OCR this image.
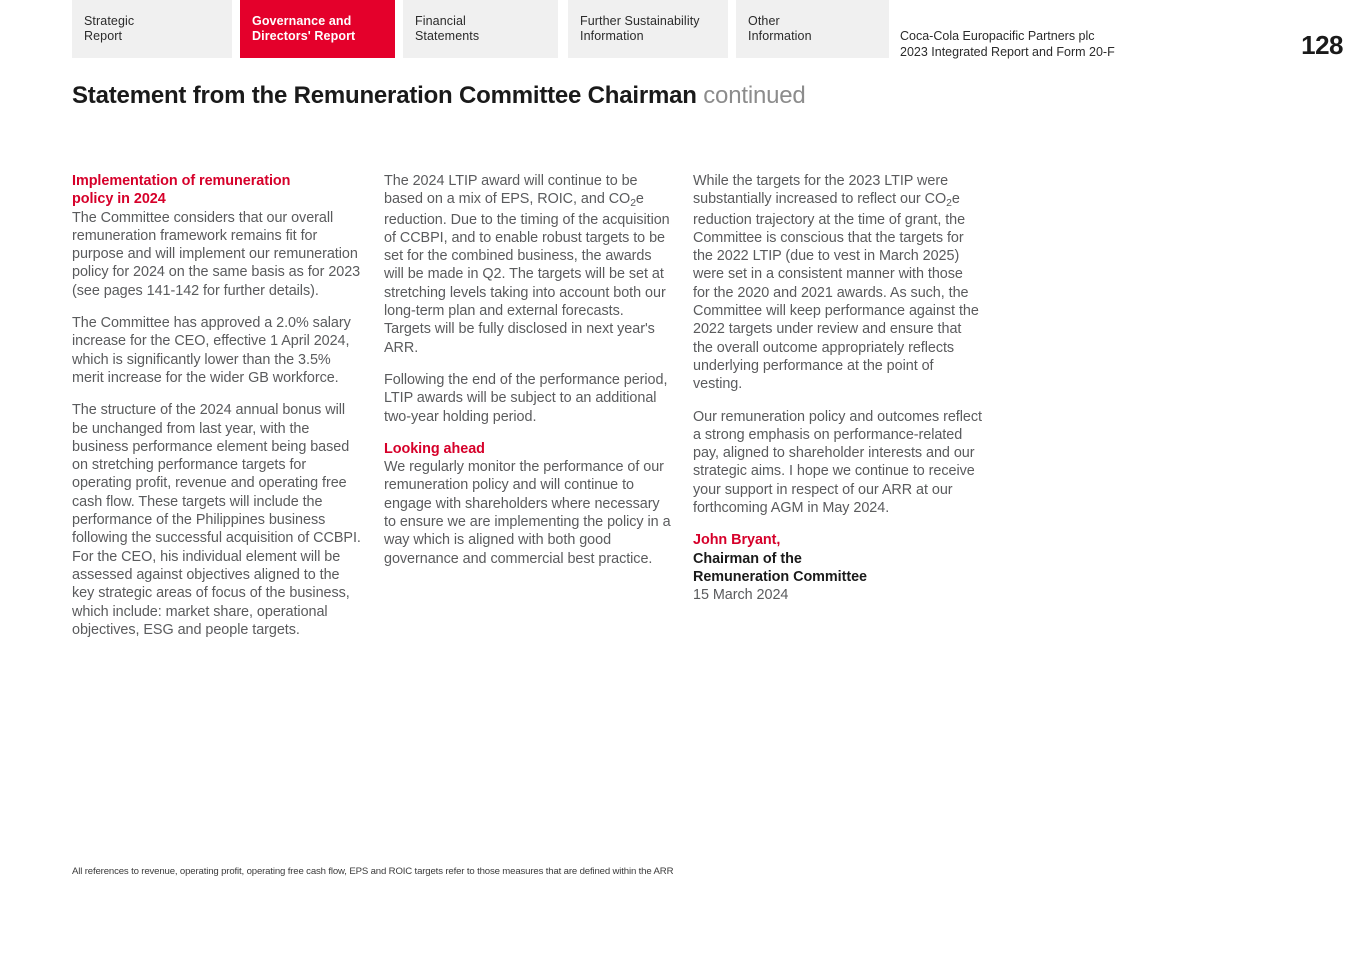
Strategic
Report
Governance and
Directors' Report
Financial
Statements
Further Sustainability
Information
Other
Information	Coca-Cola Europacific Partners plc
2023 Integrated Report and Form 20-F	128
Statement from the Remuneration Committee Chairman continued
Implementation of remuneration
policy in 2024

The Committee considers that our overall remuneration framework remains fit for purpose and will implement our remuneration policy for 2024 on the same basis as for 2023 (see pages 141-142 for further details).

The Committee has approved a 2.0% salary increase for the CEO, effective 1 April 2024, which is significantly lower than the 3.5% merit increase for the wider GB workforce.

The structure of the 2024 annual bonus will be unchanged from last year, with the business performance element being based on stretching performance targets for operating profit, revenue and operating free cash flow. These targets will include the performance of the Philippines business following the successful acquisition of CCBPI. For the CEO, his individual element will be assessed against objectives aligned to the key strategic areas of focus of the business, which include: market share, operational objectives, ESG and people targets.

The 2024 LTIP award will continue to be based on a mix of EPS, ROIC, and $CO_2e$ reduction. Due to the timing of the acquisition of CCBPI, and to enable robust targets to be set for the combined business, the awards will be made in Q2. The targets will be set at stretching levels taking into account both our long-term plan and external forecasts. Targets will be fully disclosed in next year's ARR.

Following the end of the performance period, LTIP awards will be subject to an additional two-year holding period.

Looking ahead

We regularly monitor the performance of our remuneration policy and will continue to engage with shareholders where necessary to ensure we are implementing the policy in a way which is aligned with both good governance and commercial best practice.

While the targets for the 2023 LTIP were substantially increased to reflect our $CO_2e$ reduction trajectory at the time of grant, the Committee is conscious that the targets for the 2022 LTIP (due to vest in March 2025) were set in a consistent manner with those for the 2020 and 2021 awards. As such, the Committee will keep performance against the 2022 targets under review and ensure that the overall outcome appropriately reflects underlying performance at the point of vesting.

Our remuneration policy and outcomes reflect a strong emphasis on performance-related pay, aligned to shareholder interests and our strategic aims. I hope we continue to receive your support in respect of our ARR at our forthcoming AGM in May 2024.

John Bryant,
Chairman of the
Remuneration Committee
15 March 2024
All references to revenue, operating profit, operating free cash flow, EPS and ROIC targets refer to those measures that are defined within the ARR
